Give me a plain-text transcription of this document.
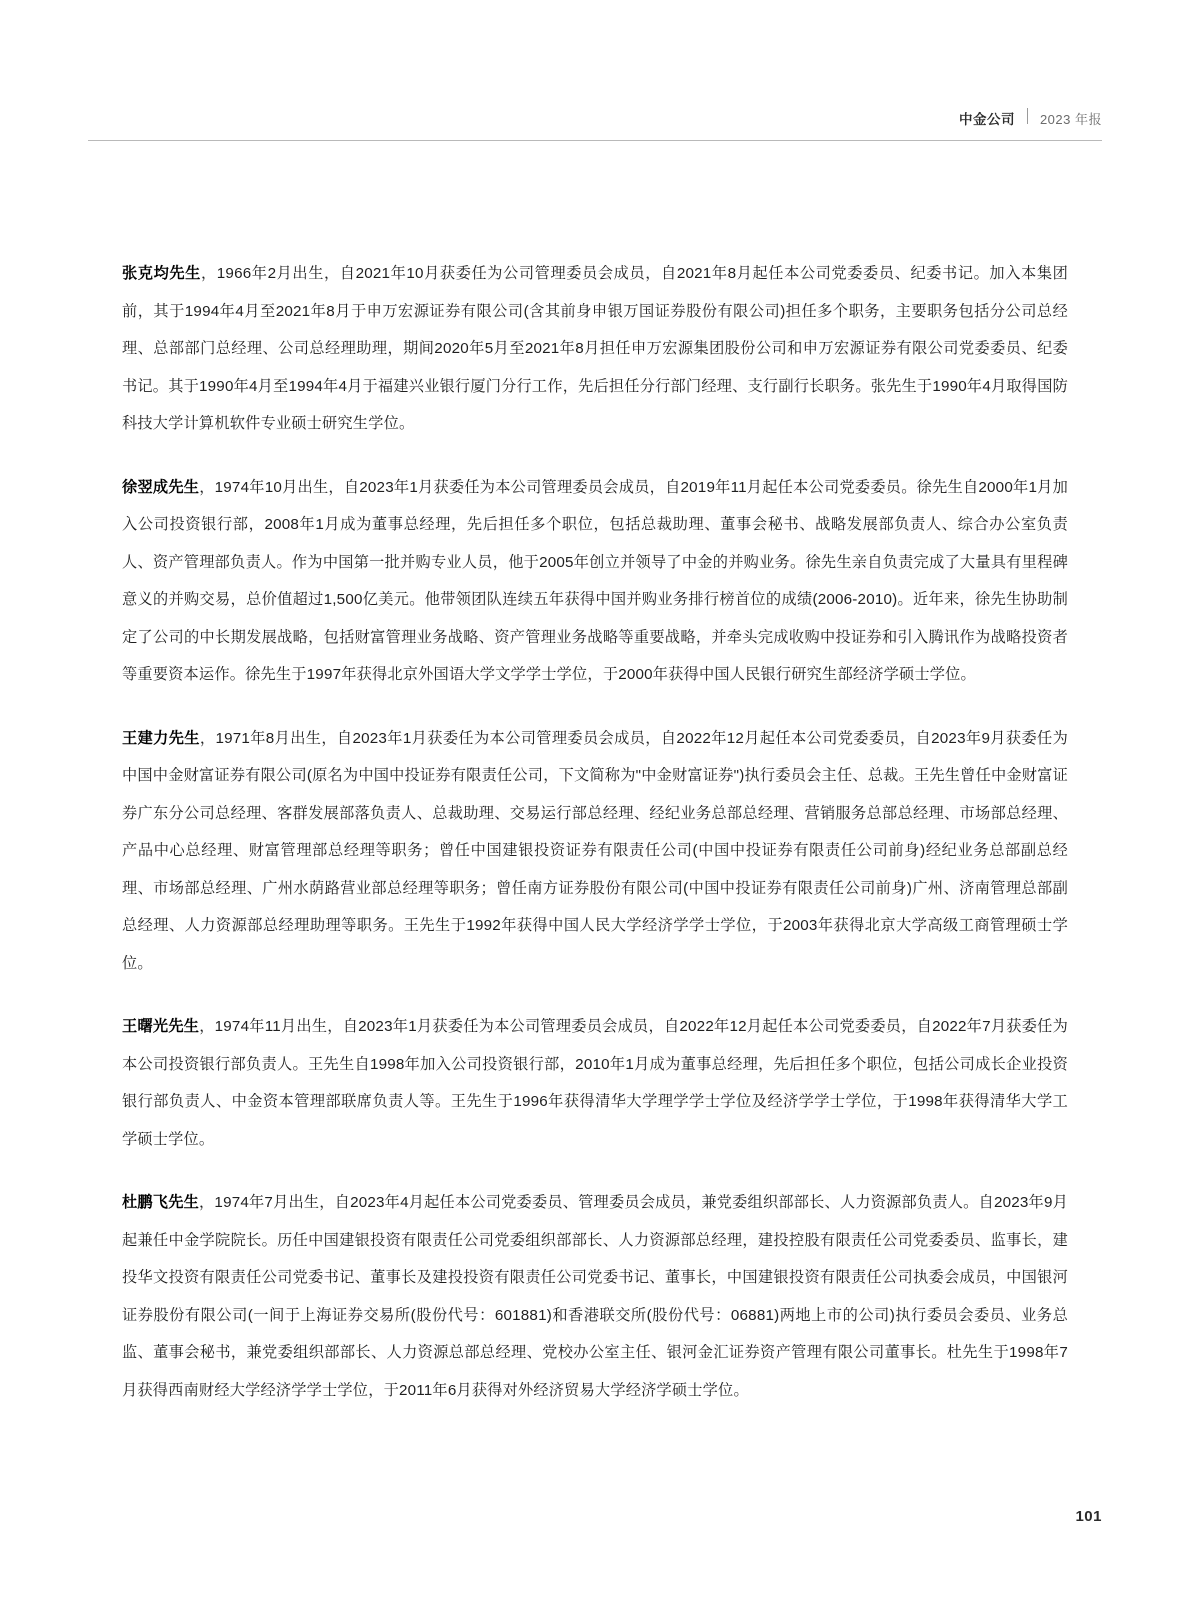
中金公司	2023 年报

张克均先生，1966年2月出生，自2021年10月获委任为公司管理委员会成员，自2021年8月起任本公司党委委员、纪委书记。加入本集团前，其于1994年4月至2021年8月于申万宏源证券有限公司(含其前身申银万国证券股份有限公司)担任多个职务，主要职务包括分公司总经理、总部部门总经理、公司总经理助理，期间2020年5月至2021年8月担任申万宏源集团股份公司和申万宏源证券有限公司党委委员、纪委书记。其于1990年4月至1994年4月于福建兴业银行厦门分行工作，先后担任分行部门经理、支行副行长职务。张先生于1990年4月取得国防科技大学计算机软件专业硕士研究生学位。

徐翌成先生，1974年10月出生，自2023年1月获委任为本公司管理委员会成员，自2019年11月起任本公司党委委员。徐先生自2000年1月加入公司投资银行部，2008年1月成为董事总经理，先后担任多个职位，包括总裁助理、董事会秘书、战略发展部负责人、综合办公室负责人、资产管理部负责人。作为中国第一批并购专业人员，他于2005年创立并领导了中金的并购业务。徐先生亲自负责完成了大量具有里程碑意义的并购交易，总价值超过1,500亿美元。他带领团队连续五年获得中国并购业务排行榜首位的成绩(2006-2010)。近年来，徐先生协助制定了公司的中长期发展战略，包括财富管理业务战略、资产管理业务战略等重要战略，并牵头完成收购中投证券和引入腾讯作为战略投资者等重要资本运作。徐先生于1997年获得北京外国语大学文学学士学位，于2000年获得中国人民银行研究生部经济学硕士学位。

王建力先生，1971年8月出生，自2023年1月获委任为本公司管理委员会成员，自2022年12月起任本公司党委委员，自2023年9月获委任为中国中金财富证券有限公司(原名为中国中投证券有限责任公司，下文简称为"中金财富证券")执行委员会主任、总裁。王先生曾任中金财富证券广东分公司总经理、客群发展部落负责人、总裁助理、交易运行部总经理、经纪业务总部总经理、营销服务总部总经理、市场部总经理、产品中心总经理、财富管理部总经理等职务；曾任中国建银投资证券有限责任公司(中国中投证券有限责任公司前身)经纪业务总部副总经理、市场部总经理、广州水荫路营业部总经理等职务；曾任南方证券股份有限公司(中国中投证券有限责任公司前身)广州、济南管理总部副总经理、人力资源部总经理助理等职务。王先生于1992年获得中国人民大学经济学学士学位，于2003年获得北京大学高级工商管理硕士学位。

王曙光先生，1974年11月出生，自2023年1月获委任为本公司管理委员会成员，自2022年12月起任本公司党委委员，自2022年7月获委任为本公司投资银行部负责人。王先生自1998年加入公司投资银行部，2010年1月成为董事总经理，先后担任多个职位，包括公司成长企业投资银行部负责人、中金资本管理部联席负责人等。王先生于1996年获得清华大学理学学士学位及经济学学士学位，于1998年获得清华大学工学硕士学位。

杜鹏飞先生，1974年7月出生，自2023年4月起任本公司党委委员、管理委员会成员，兼党委组织部部长、人力资源部负责人。自2023年9月起兼任中金学院院长。历任中国建银投资有限责任公司党委组织部部长、人力资源部总经理，建投控股有限责任公司党委委员、监事长，建投华文投资有限责任公司党委书记、董事长及建投投资有限责任公司党委书记、董事长，中国建银投资有限责任公司执委会成员，中国银河证券股份有限公司(一间于上海证券交易所(股份代号：601881)和香港联交所(股份代号：06881)两地上市的公司)执行委员会委员、业务总监、董事会秘书，兼党委组织部部长、人力资源总部总经理、党校办公室主任、银河金汇证券资产管理有限公司董事长。杜先生于1998年7月获得西南财经大学经济学学士学位，于2011年6月获得对外经济贸易大学经济学硕士学位。

101
